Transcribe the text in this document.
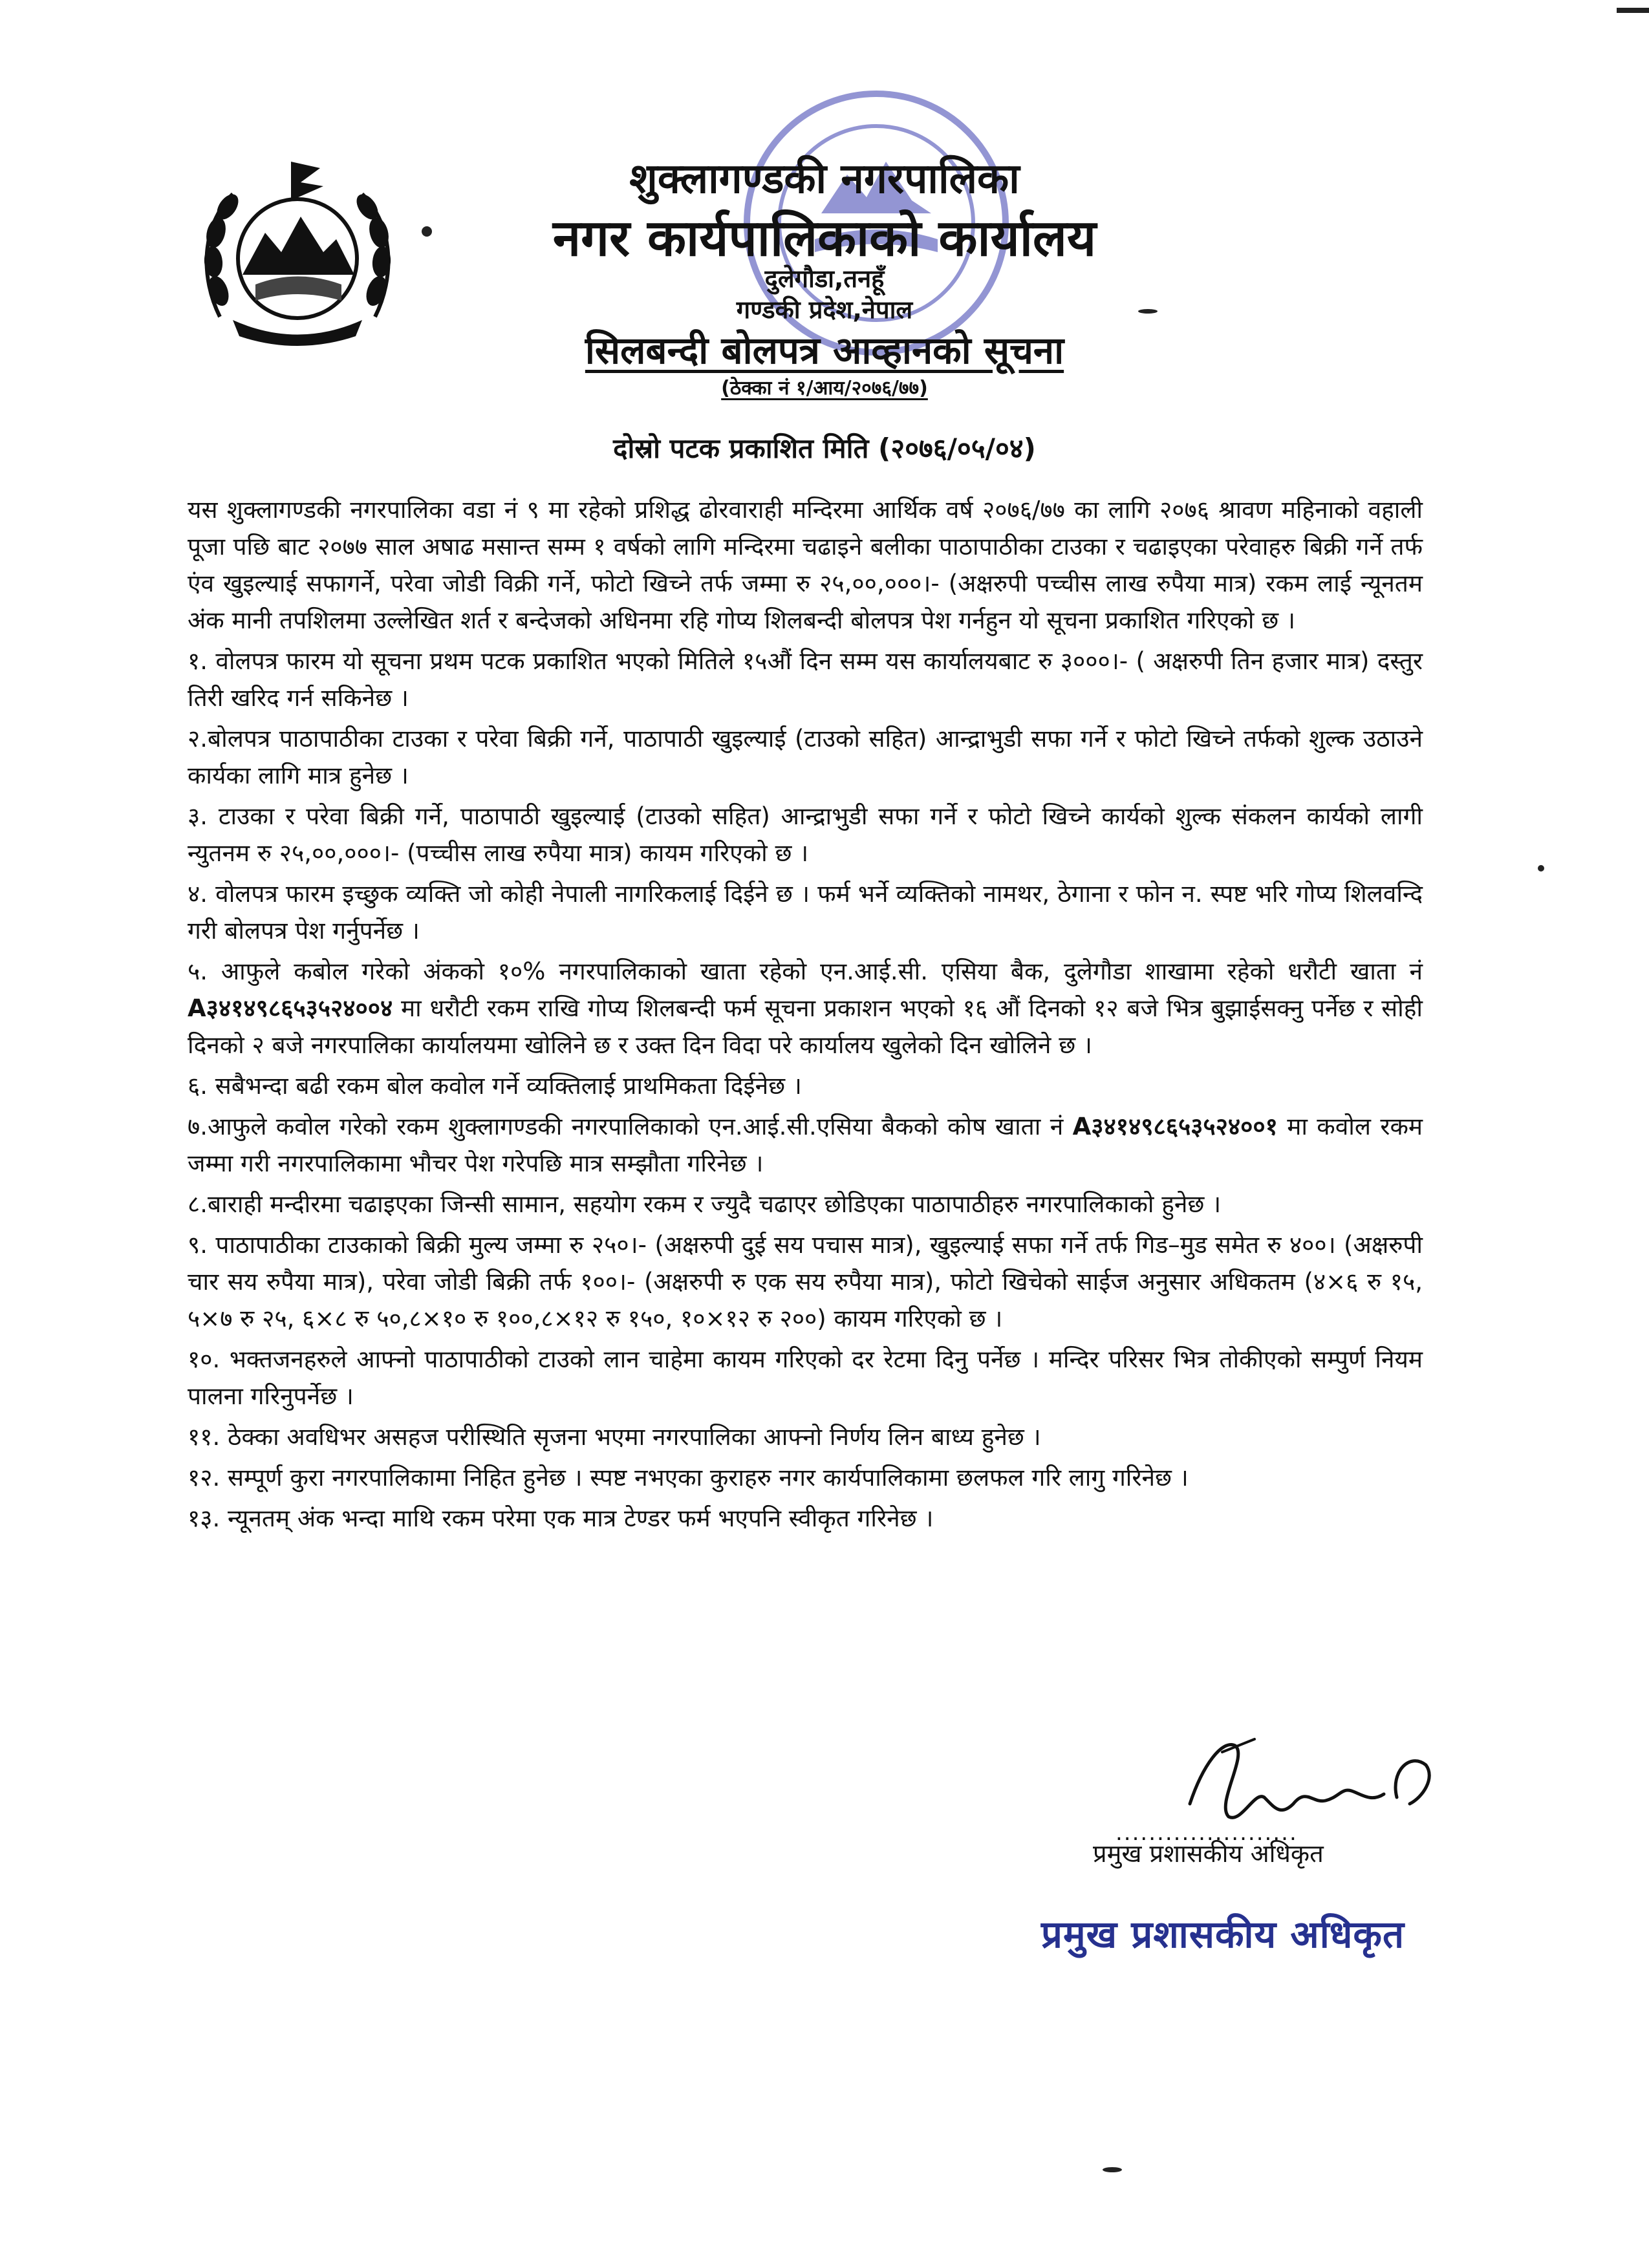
शुक्लागण्डकी नगरपालिका
नगर कार्यपालिकाको कार्यालय
दुलेगौडा,तनहूँ
गण्डकी प्रदेश,नेपाल
सिलबन्दी बोलपत्र आव्हानको सूचना
(ठेक्का नं १/आय/२०७६/७७)
दोस्रो पटक प्रकाशित मिति (२०७६/०५/०४)

यस शुक्लागण्डकी नगरपालिका वडा नं ९ मा रहेको प्रशिद्ध ढोरवाराही मन्दिरमा आर्थिक वर्ष २०७६/७७ का लागि २०७६ श्रावण महिनाको वहाली पूजा पछि बाट २०७७ साल अषाढ मसान्त सम्म १ वर्षको लागि मन्दिरमा चढाइने बलीका पाठापाठीका टाउका र चढाइएका परेवाहरु बिक्री गर्ने तर्फ एंव खुइल्याई सफागर्ने, परेवा जोडी विक्री गर्ने, फोटो खिच्ने तर्फ जम्मा रु २५,००,०००।- (अक्षरुपी पच्चीस लाख रुपैया मात्र) रकम लाई न्यूनतम अंक मानी तपशिलमा उल्लेखित शर्त र बन्देजको अधिनमा रहि गोप्य शिलबन्दी बोलपत्र पेश गर्नहुन यो सूचना प्रकाशित गरिएको छ ।

१. वोलपत्र फारम यो सूचना प्रथम पटक प्रकाशित भएको मितिले १५औं दिन सम्म यस कार्यालयबाट रु ३०००।- ( अक्षरुपी तिन हजार मात्र) दस्तुर तिरी खरिद गर्न सकिनेछ ।

२.बोलपत्र पाठापाठीका टाउका र परेवा बिक्री गर्ने, पाठापाठी खुइल्याई (टाउको सहित) आन्द्राभुडी सफा गर्ने र फोटो खिच्ने तर्फको शुल्क उठाउने कार्यका लागि मात्र हुनेछ ।

३. टाउका र परेवा बिक्री गर्ने, पाठापाठी खुइल्याई (टाउको सहित) आन्द्राभुडी सफा गर्ने र फोटो खिच्ने कार्यको शुल्क संकलन कार्यको लागी न्युतनम रु २५,००,०००।- (पच्चीस लाख रुपैया मात्र) कायम गरिएको छ ।

४. वोलपत्र फारम इच्छुक व्यक्ति जो कोही नेपाली नागरिकलाई दिईने छ । फर्म भर्ने व्यक्तिको नामथर, ठेगाना र फोन न. स्पष्ट भरि गोप्य शिलवन्दि गरी बोलपत्र पेश गर्नुपर्नेछ ।

५. आफुले कबोल गरेको अंकको १०% नगरपालिकाको खाता रहेको एन.आई.सी. एसिया बैक, दुलेगौडा शाखामा रहेको धरौटी खाता नं A३४१४९८६५३५२४००४ मा धरौटी रकम राखि गोप्य शिलबन्दी फर्म सूचना प्रकाशन भएको १६ औं दिनको १२ बजे भित्र बुझाईसक्नु पर्नेछ र सोही दिनको २ बजे नगरपालिका कार्यालयमा खोलिने छ र उक्त दिन विदा परे कार्यालय खुलेको दिन खोलिने छ ।

६. सबैभन्दा बढी रकम बोल कवोल गर्ने व्यक्तिलाई प्राथमिकता दिईनेछ ।

७.आफुले कवोल गरेको रकम शुक्लागण्डकी नगरपालिकाको एन.आई.सी.एसिया बैकको कोष खाता नं A३४१४९८६५३५२४००१ मा कवोल रकम जम्मा गरी नगरपालिकामा भौचर पेश गरेपछि मात्र सम्झौता गरिनेछ ।

८.बाराही मन्दीरमा चढाइएका जिन्सी सामान, सहयोग रकम र ज्युदै चढाएर छोडिएका पाठापाठीहरु नगरपालिकाको हुनेछ ।

९. पाठापाठीका टाउकाको बिक्री मुल्य जम्मा रु २५०।- (अक्षरुपी दुई सय पचास मात्र), खुइल्याई सफा गर्ने तर्फ गिड–मुड समेत रु ४००। (अक्षरुपी चार सय रुपैया मात्र), परेवा जोडी बिक्री तर्फ १००।- (अक्षरुपी रु एक सय रुपैया मात्र), फोटो खिचेको साईज अनुसार अधिकतम (४×६ रु १५, ५×७ रु २५, ६×८ रु ५०,८×१० रु १००,८×१२ रु १५०, १०×१२ रु २००) कायम गरिएको छ ।

१०. भक्तजनहरुले आफ्नो पाठापाठीको टाउको लान चाहेमा कायम गरिएको दर रेटमा दिनु पर्नेछ । मन्दिर परिसर भित्र तोकीएको सम्पुर्ण नियम पालना गरिनुपर्नेछ ।

११. ठेक्का अवधिभर असहज परीस्थिति सृजना भएमा नगरपालिका आफ्नो निर्णय लिन बाध्य हुनेछ ।

१२. सम्पूर्ण कुरा नगरपालिकामा निहित हुनेछ । स्पष्ट नभएका कुराहरु नगर कार्यपालिकामा छलफल गरि लागु गरिनेछ ।

१३. न्यूनतम् अंक भन्दा माथि रकम परेमा एक मात्र टेण्डर फर्म भएपनि स्वीकृत गरिनेछ ।

......................
प्रमुख प्रशासकीय अधिकृत
प्रमुख प्रशासकीय अधिकृत
